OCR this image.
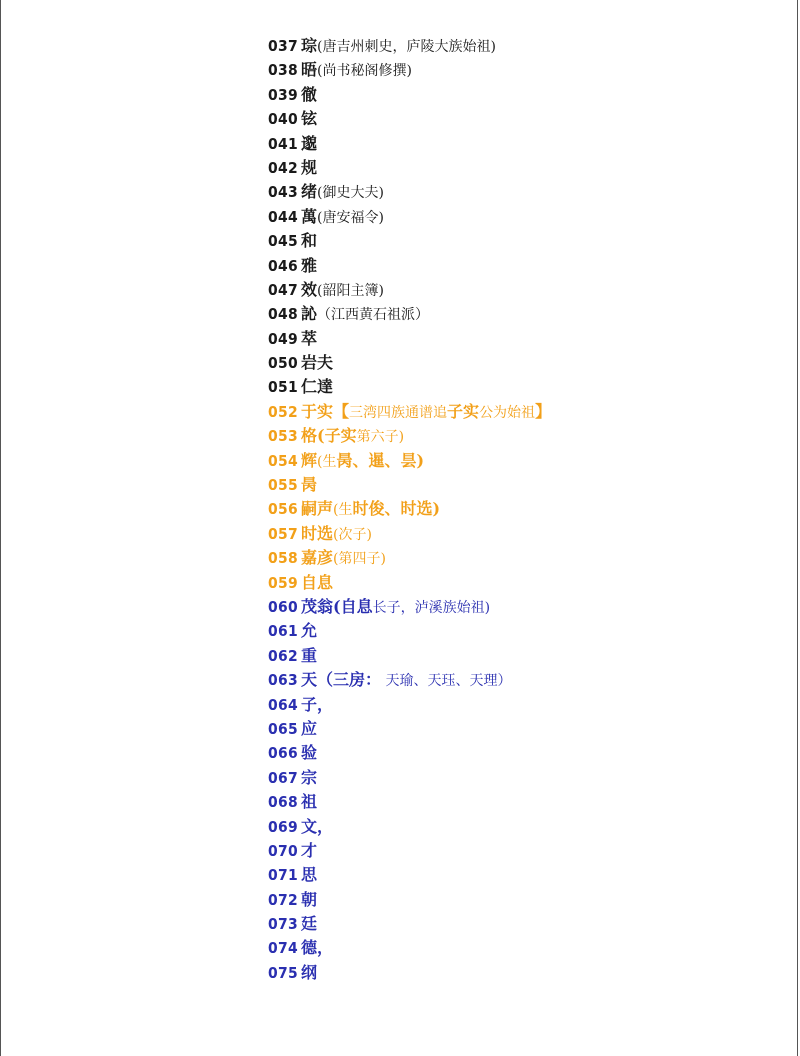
037 琮(唐吉州刺史，庐陵大族始祖)
038 晤(尚书秘阁修撰)
039 徹
040 铉
041 邈
042 规
043 绪(御史大夫)
044 萬(唐安福令)
045 和
046 雅
047 效(韶阳主簿)
048 訫（江西黄石祖派）
049 萃
050 岩夫
051 仁達
052 于实【三湾四族通谱追子实公为始祖】
053 格(子实第六子)
054 辉(生昺、暹、昙)
055 昺
056 嗣声(生时俊、时选)
057 时选(次子)
058 嘉彦(第四子)
059 自息
060 茂翁(自息长子，泸溪族始祖)
061 允
062 重
063 天（三房： 天瑜、天珏、天理）
064 子，
065 应
066 验
067 宗
068 祖
069 文，
070 才
071 思
072 朝
073 廷
074 德，
075 纲
